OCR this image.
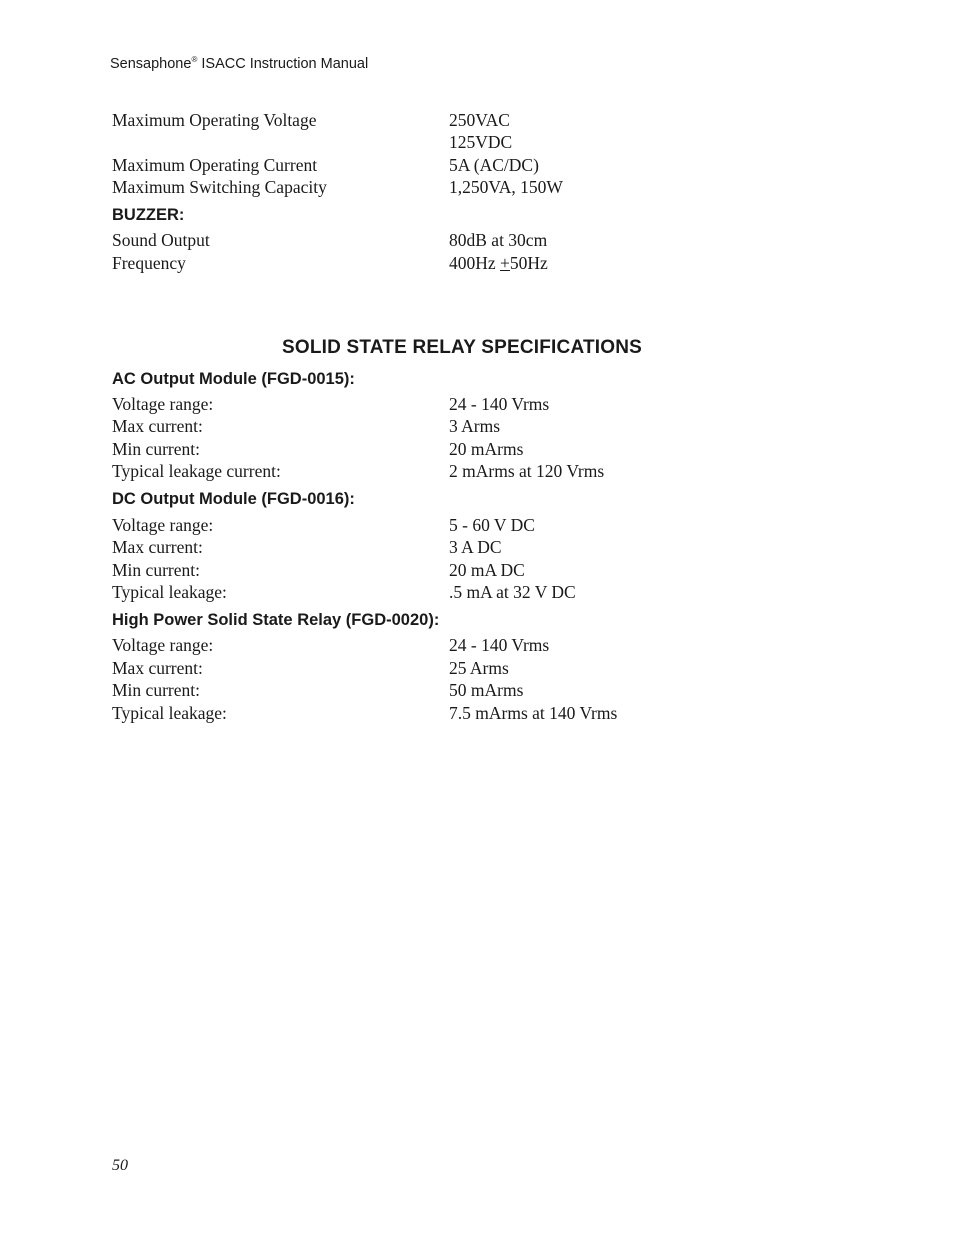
Sensaphone® ISACC Instruction Manual
Maximum Operating Voltage	250VAC
125VDC
Maximum Operating Current	5A (AC/DC)
Maximum Switching Capacity	1,250VA, 150W
BUZZER:
Sound Output	80dB at 30cm
Frequency	400Hz +50Hz
SOLID STATE RELAY SPECIFICATIONS
AC Output Module (FGD-0015):
Voltage range:	24 - 140 Vrms
Max current:	3 Arms
Min current:	20 mArms
Typical leakage current:	2 mArms at 120 Vrms
DC Output Module (FGD-0016):
Voltage range:	5 - 60 V DC
Max current:	3 A DC
Min current:	20 mA DC
Typical leakage:	.5 mA at 32 V DC
High Power Solid State Relay (FGD-0020):
Voltage range:	24 - 140 Vrms
Max current:	25 Arms
Min current:	50 mArms
Typical leakage:	7.5 mArms at 140 Vrms
50
